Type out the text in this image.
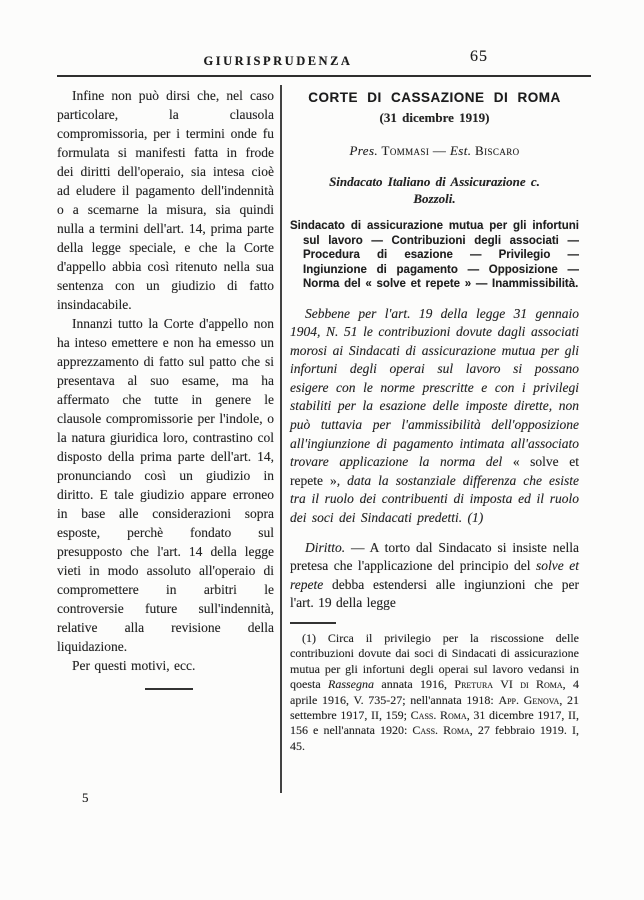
GIURISPRUDENZA	65

Infine non può dirsi che, nel caso particolare, la clausola compromissoria, per i termini onde fu formulata si manifesti fatta in frode dei diritti dell'operaio, sia intesa cioè ad eludere il pagamento dell'indennità o a scemarne la misura, sia quindi nulla a termini dell'art. 14, prima parte della legge speciale, e che la Corte d'appello abbia così ritenuto nella sua sentenza con un giudizio di fatto insindacabile.

Innanzi tutto la Corte d'appello non ha inteso emettere e non ha emesso un apprezzamento di fatto sul patto che si presentava al suo esame, ma ha affermato che tutte in genere le clausole compromissorie per l'indole, o la natura giuridica loro, contrastino col disposto della prima parte dell'art. 14, pronunciando così un giudizio in diritto. E tale giudizio appare erroneo in base alle considerazioni sopra esposte, perchè fondato sul presupposto che l'art. 14 della legge vieti in modo assoluto all'operaio di compromettere in arbitri le controversie future sull'indennità, relative alla revisione della liquidazione.

Per questi motivi, ecc.

CORTE DI CASSAZIONE DI ROMA

(31 dicembre 1919)

Pres. Tommasi — Est. Biscaro

Sindacato Italiano di Assicurazione c. Bozzoli.

Sindacato di assicurazione mutua per gli infortuni sul lavoro — Contribuzioni degli associati — Procedura di esazione — Privilegio — Ingiunzione di pagamento — Opposizione — Norma del « solve et repete » — Inammissibilità.

Sebbene per l'art. 19 della legge 31 gennaio 1904, N. 51 le contribuzioni dovute dagli associati morosi ai Sindacati di assicurazione mutua per gli infortuni degli operai sul lavoro si possano esigere con le norme prescritte e con i privilegi stabiliti per la esazione delle imposte dirette, non può tuttavia per l'ammissibilità dell'opposizione all'ingiunzione di pagamento intimata all'associato trovare applicazione la norma del « solve et repete », data la sostanziale differenza che esiste tra il ruolo dei contribuenti di imposta ed il ruolo dei soci dei Sindacati predetti. (1)

Diritto. — A torto dal Sindacato si insiste nella pretesa che l'applicazione del principio del solve et repete debba estendersi alle ingiunzioni che per l'art. 19 della legge

(1) Circa il privilegio per la riscossione delle contribuzioni dovute dai soci di Sindacati di assicurazione mutua per gli infortuni degli operai sul lavoro vedansi in qoesta Rassegna annata 1916, Pretura VI di Roma, 4 aprile 1916, V. 735-27; nell'annata 1918: App. Genova, 21 settembre 1917, II, 159; Cass. Roma, 31 dicembre 1917, II, 156 e nell'annata 1920: Cass. Roma, 27 febbraio 1919. I, 45.

5
